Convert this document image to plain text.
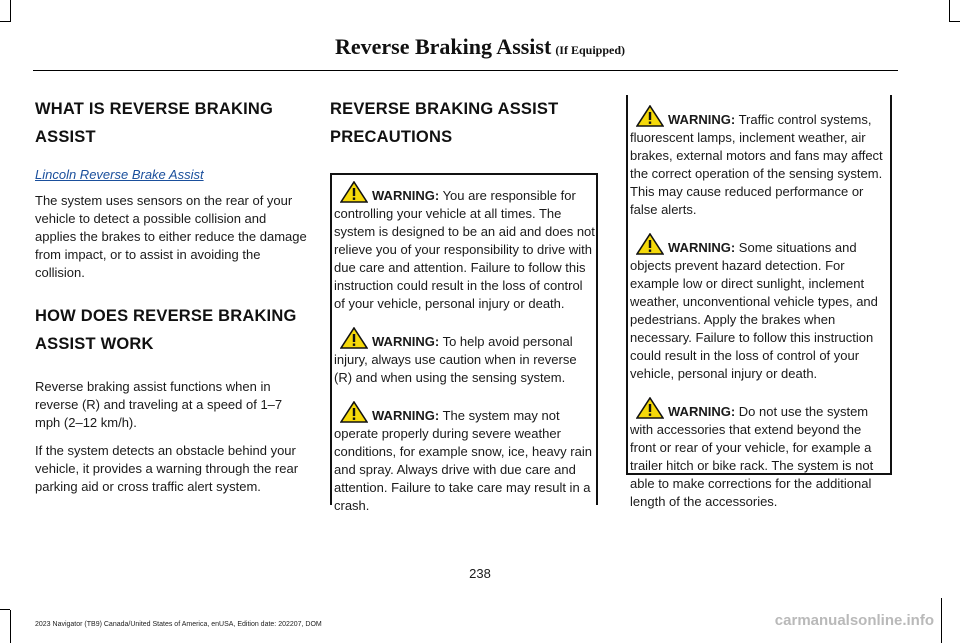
Reverse Braking Assist (If Equipped)
WHAT IS REVERSE BRAKING ASSIST
Lincoln Reverse Brake Assist

The system uses sensors on the rear of your vehicle to detect a possible collision and applies the brakes to either reduce the damage from impact, or to assist in avoiding the collision.

HOW DOES REVERSE BRAKING ASSIST WORK

Reverse braking assist functions when in reverse (R) and traveling at a speed of 1–7 mph (2–12 km/h).

If the system detects an obstacle behind your vehicle, it provides a warning through the rear parking aid or cross traffic alert system.

REVERSE BRAKING ASSIST PRECAUTIONS

WARNING: You are responsible for controlling your vehicle at all times. The system is designed to be an aid and does not relieve you of your responsibility to drive with due care and attention. Failure to follow this instruction could result in the loss of control of your vehicle, personal injury or death.

WARNING: To help avoid personal injury, always use caution when in reverse (R) and when using the sensing system.

WARNING: The system may not operate properly during severe weather conditions, for example snow, ice, heavy rain and spray. Always drive with due care and attention. Failure to take care may result in a crash.

WARNING: Traffic control systems, fluorescent lamps, inclement weather, air brakes, external motors and fans may affect the correct operation of the sensing system. This may cause reduced performance or false alerts.

WARNING: Some situations and objects prevent hazard detection. For example low or direct sunlight, inclement weather, unconventional vehicle types, and pedestrians. Apply the brakes when necessary. Failure to follow this instruction could result in the loss of control of your vehicle, personal injury or death.

WARNING: Do not use the system with accessories that extend beyond the front or rear of your vehicle, for example a trailer hitch or bike rack. The system is not able to make corrections for the additional length of the accessories.

238
2023 Navigator (TB9) Canada/United States of America, enUSA, Edition date: 202207, DOM	carmanualsonline.info
